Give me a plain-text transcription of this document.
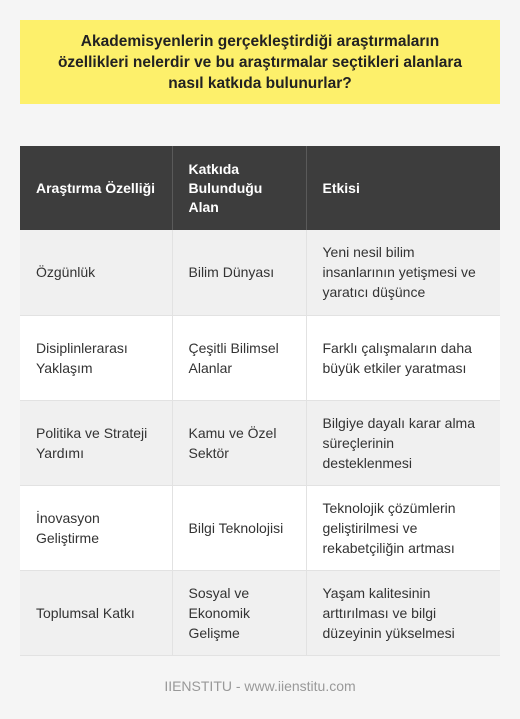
Akademisyenlerin gerçekleştirdiği araştırmaların özellikleri nelerdir ve bu araştırmalar seçtikleri alanlara nasıl katkıda bulunurlar?
Araştırma Özelliği	Katkıda Bulunduğu Alan	Etkisi
Özgünlük	Bilim Dünyası	Yeni nesil bilim insanlarının yetişmesi ve yaratıcı düşünce
Disiplinlerarası Yaklaşım	Çeşitli Bilimsel Alanlar	Farklı çalışmaların daha büyük etkiler yaratması
Politika ve Strateji Yardımı	Kamu ve Özel Sektör	Bilgiye dayalı karar alma süreçlerinin desteklenmesi
İnovasyon Geliştirme	Bilgi Teknolojisi	Teknolojik çözümlerin geliştirilmesi ve rekabetçiliğin artması
Toplumsal Katkı	Sosyal ve Ekonomik Gelişme	Yaşam kalitesinin arttırılması ve bilgi düzeyinin yükselmesi
IIENSTITU - www.iienstitu.com
